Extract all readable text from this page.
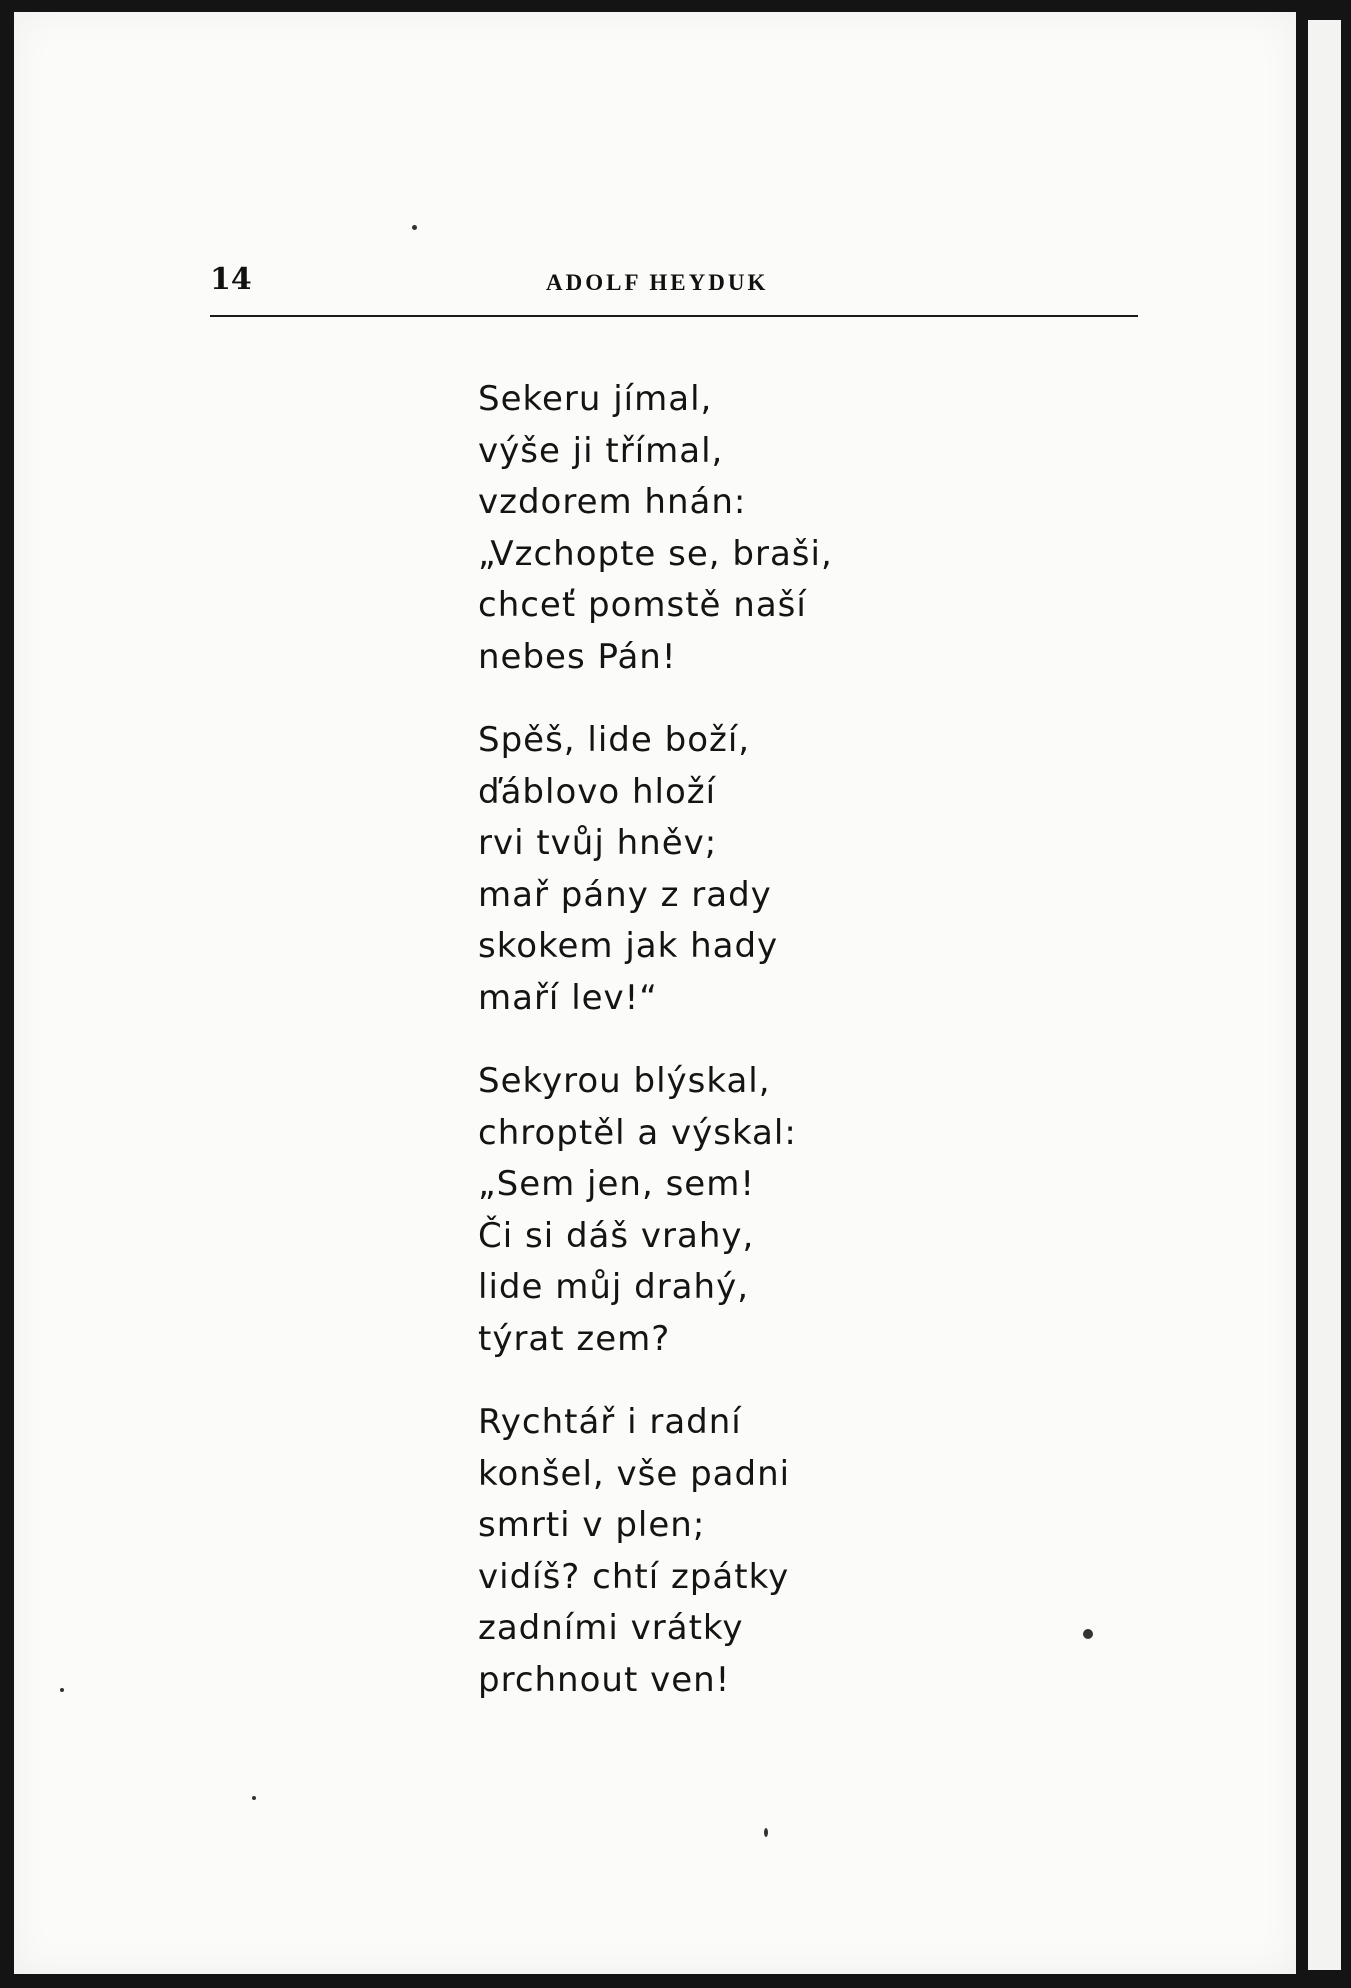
14	ADOLF HEYDUK
Sekeru jímal,
výše ji třímal,
vzdorem hnán:
„Vzchopte se, braši,
chceť pomstě naší
nebes Pán!
Spěš, lide boží,
ďáblovo hloží
rvi tvůj hněv;
mař pány z rady
skokem jak hady
maří lev!“
Sekyrou blýskal,
chroptěl a výskal:
„Sem jen, sem!
Či si dáš vrahy,
lide můj drahý,
týrat zem?
Rychtář i radní
konšel, vše padni
smrti v plen;
vidíš? chtí zpátky
zadními vrátky
prchnout ven!
